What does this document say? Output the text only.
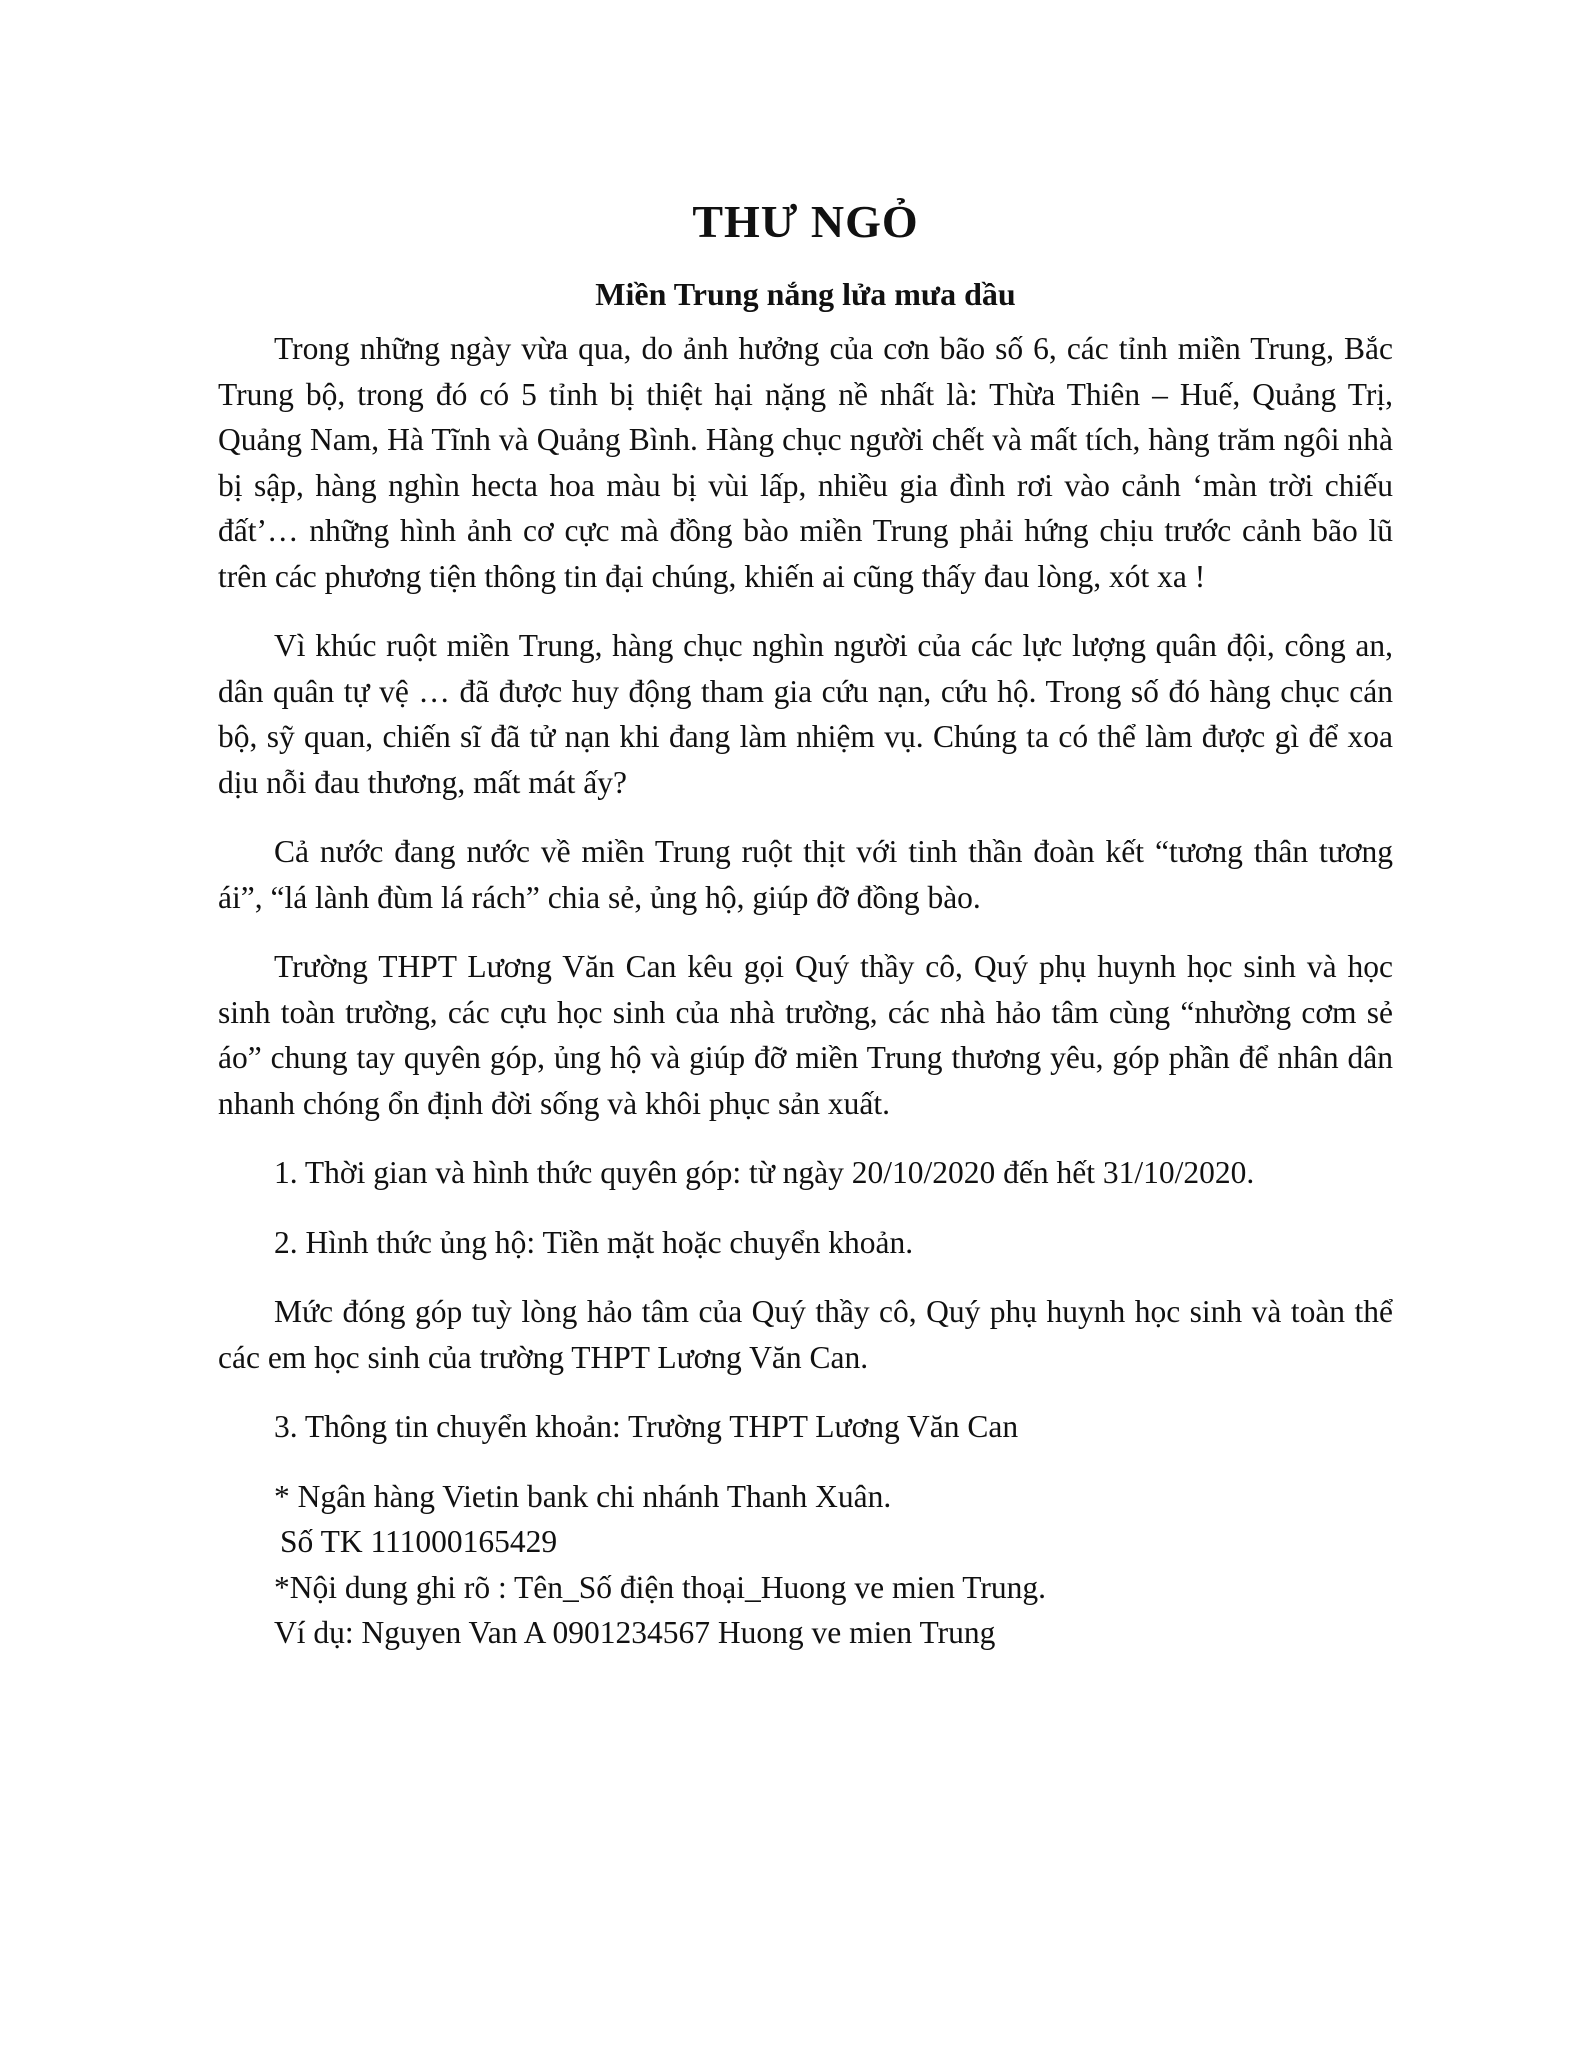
THƯ NGỎ
Miền Trung nắng lửa mưa dầu

Trong những ngày vừa qua, do ảnh hưởng của cơn bão số 6, các tỉnh miền Trung, Bắc Trung bộ, trong đó có 5 tỉnh bị thiệt hại nặng nề nhất là: Thừa Thiên – Huế, Quảng Trị, Quảng Nam, Hà Tĩnh và Quảng Bình. Hàng chục người chết và mất tích, hàng trăm ngôi nhà bị sập, hàng nghìn hecta hoa màu bị vùi lấp, nhiều gia đình rơi vào cảnh ‘màn trời chiếu đất’… những hình ảnh cơ cực mà đồng bào miền Trung phải hứng chịu trước cảnh bão lũ trên các phương tiện thông tin đại chúng, khiến ai cũng thấy đau lòng, xót xa !

Vì khúc ruột miền Trung, hàng chục nghìn người của các lực lượng quân đội, công an, dân quân tự vệ … đã được huy động tham gia cứu nạn, cứu hộ. Trong số đó hàng chục cán bộ, sỹ quan, chiến sĩ đã tử nạn khi đang làm nhiệm vụ. Chúng ta có thể làm được gì để xoa dịu nỗi đau thương, mất mát ấy?

Cả nước đang nước về miền Trung ruột thịt với tinh thần đoàn kết “tương thân tương ái”, “lá lành đùm lá rách” chia sẻ, ủng hộ, giúp đỡ đồng bào.

Trường THPT Lương Văn Can kêu gọi Quý thầy cô, Quý phụ huynh học sinh và học sinh toàn trường, các cựu học sinh của nhà trường, các nhà hảo tâm cùng “nhường cơm sẻ áo” chung tay quyên góp, ủng hộ và giúp đỡ miền Trung thương yêu, góp phần để nhân dân nhanh chóng ổn định đời sống và khôi phục sản xuất.

1. Thời gian và hình thức quyên góp: từ ngày 20/10/2020 đến hết 31/10/2020.

2. Hình thức ủng hộ: Tiền mặt hoặc chuyển khoản.

Mức đóng góp tuỳ lòng hảo tâm của Quý thầy cô, Quý phụ huynh học sinh và toàn thể các em học sinh của trường THPT Lương Văn Can.

3. Thông tin chuyển khoản: Trường THPT Lương Văn Can

* Ngân hàng Vietin bank chi nhánh Thanh Xuân.

Số TK 111000165429

*Nội dung ghi rõ : Tên_Số điện thoại_Huong ve mien Trung.

Ví dụ: Nguyen Van A 0901234567 Huong ve mien Trung
